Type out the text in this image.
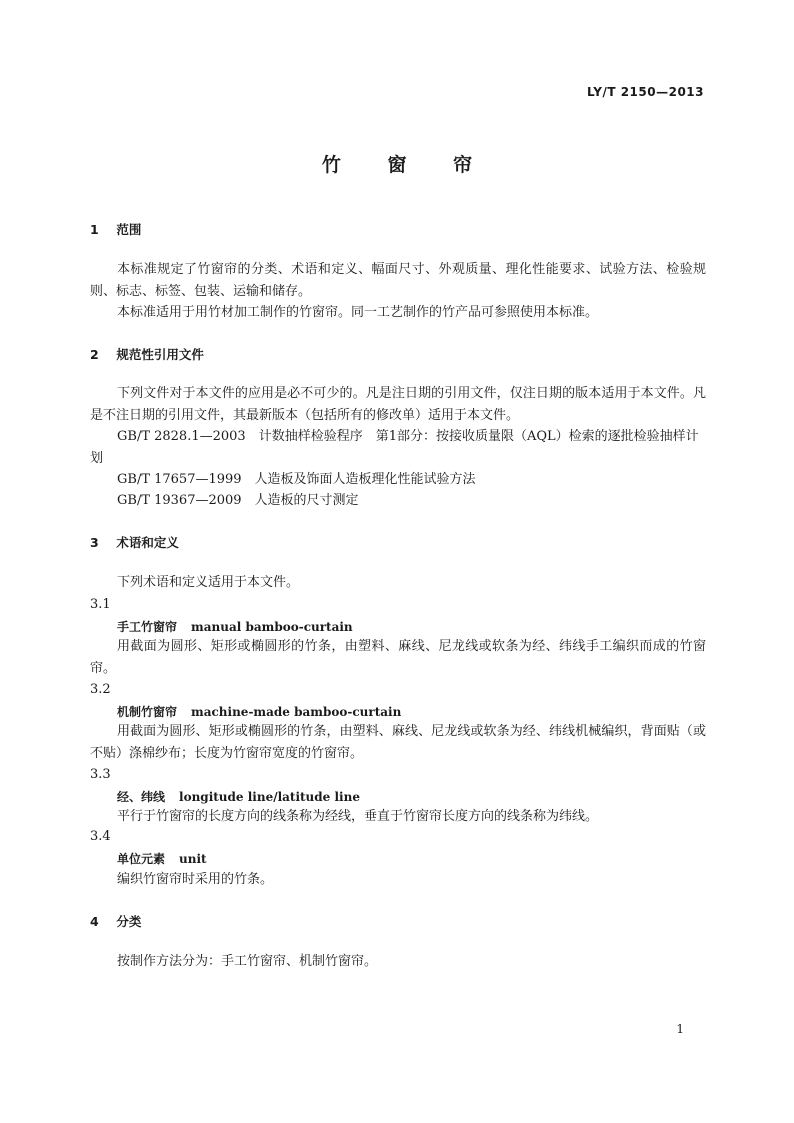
LY/T 2150—2013
竹 窗 帘
1 范围
本标准规定了竹窗帘的分类、术语和定义、幅面尺寸、外观质量、理化性能要求、试验方法、检验规则、标志、标签、包装、运输和储存。
本标准适用于用竹材加工制作的竹窗帘。同一工艺制作的竹产品可参照使用本标准。
2 规范性引用文件
下列文件对于本文件的应用是必不可少的。凡是注日期的引用文件，仅注日期的版本适用于本文件。凡是不注日期的引用文件，其最新版本（包括所有的修改单）适用于本文件。
GB/T 2828.1—2003　计数抽样检验程序　第1部分：按接收质量限（AQL）检索的逐批检验抽样计划
GB/T 17657—1999　人造板及饰面人造板理化性能试验方法
GB/T 19367—2009　人造板的尺寸测定
3 术语和定义
下列术语和定义适用于本文件。
3.1
手工竹窗帘 manual bamboo-curtain
用截面为圆形、矩形或椭圆形的竹条，由塑料、麻线、尼龙线或软条为经、纬线手工编织而成的竹窗帘。
3.2
机制竹窗帘 machine-made bamboo-curtain
用截面为圆形、矩形或椭圆形的竹条，由塑料、麻线、尼龙线或软条为经、纬线机械编织，背面贴（或不贴）涤棉纱布；长度为竹窗帘宽度的竹窗帘。
3.3
经、纬线 longitude line/latitude line
平行于竹窗帘的长度方向的线条称为经线，垂直于竹窗帘长度方向的线条称为纬线。
3.4
单位元素 unit
编织竹窗帘时采用的竹条。
4 分类
按制作方法分为：手工竹窗帘、机制竹窗帘。
1
